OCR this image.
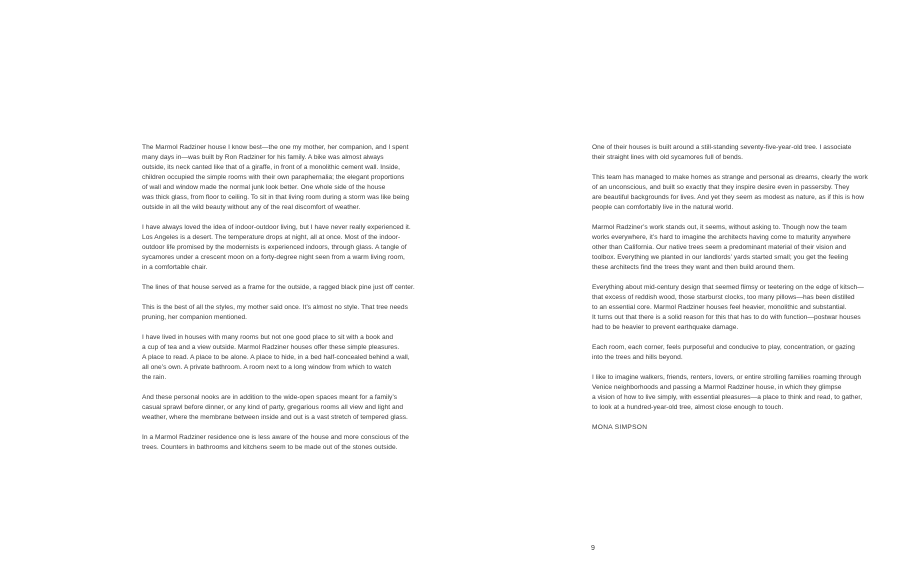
The Marmol Radziner house I know best—the one my mother, her companion, and I spent
many days in—was built by Ron Radziner for his family. A bike was almost always
outside, its neck canted like that of a giraffe, in front of a monolithic cement wall. Inside,
children occupied the simple rooms with their own paraphernalia; the elegant proportions
of wall and window made the normal junk look better. One whole side of the house
was thick glass, from floor to ceiling. To sit in that living room during a storm was like being
outside in all the wild beauty without any of the real discomfort of weather.

I have always loved the idea of indoor-outdoor living, but I have never really experienced it.
Los Angeles is a desert. The temperature drops at night, all at once. Most of the indoor-
outdoor life promised by the modernists is experienced indoors, through glass. A tangle of
sycamores under a crescent moon on a forty-degree night seen from a warm living room,
in a comfortable chair.

The lines of that house served as a frame for the outside, a ragged black pine just off center.

This is the best of all the styles, my mother said once. It’s almost no style. That tree needs
pruning, her companion mentioned.

I have lived in houses with many rooms but not one good place to sit with a book and
a cup of tea and a view outside. Marmol Radziner houses offer these simple pleasures.
A place to read. A place to be alone. A place to hide, in a bed half-concealed behind a wall,
all one’s own. A private bathroom. A room next to a long window from which to watch
the rain.

And these personal nooks are in addition to the wide-open spaces meant for a family’s
casual sprawl before dinner, or any kind of party, gregarious rooms all view and light and
weather, where the membrane between inside and out is a vast stretch of tempered glass.

In a Marmol Radziner residence one is less aware of the house and more conscious of the
trees. Counters in bathrooms and kitchens seem to be made out of the stones outside.

One of their houses is built around a still-standing seventy-five-year-old tree. I associate
their straight lines with old sycamores full of bends.

This team has managed to make homes as strange and personal as dreams, clearly the work
of an unconscious, and built so exactly that they inspire desire even in passersby. They
are beautiful backgrounds for lives. And yet they seem as modest as nature, as if this is how
people can comfortably live in the natural world.

Marmol Radziner’s work stands out, it seems, without asking to. Though now the team
works everywhere, it’s hard to imagine the architects having come to maturity anywhere
other than California. Our native trees seem a predominant material of their vision and
toolbox. Everything we planted in our landlords’ yards started small; you get the feeling
these architects find the trees they want and then build around them.

Everything about mid-century design that seemed flimsy or teetering on the edge of kitsch—
that excess of reddish wood, those starburst clocks, too many pillows—has been distilled
to an essential core. Marmol Radziner houses feel heavier, monolithic and substantial.
It turns out that there is a solid reason for this that has to do with function—postwar houses
had to be heavier to prevent earthquake damage.

Each room, each corner, feels purposeful and conducive to play, concentration, or gazing
into the trees and hills beyond.

I like to imagine walkers, friends, renters, lovers, or entire strolling families roaming through
Venice neighborhoods and passing a Marmol Radziner house, in which they glimpse
a vision of how to live simply, with essential pleasures—a place to think and read, to gather,
to look at a hundred-year-old tree, almost close enough to touch.

MONA SIMPSON

9
